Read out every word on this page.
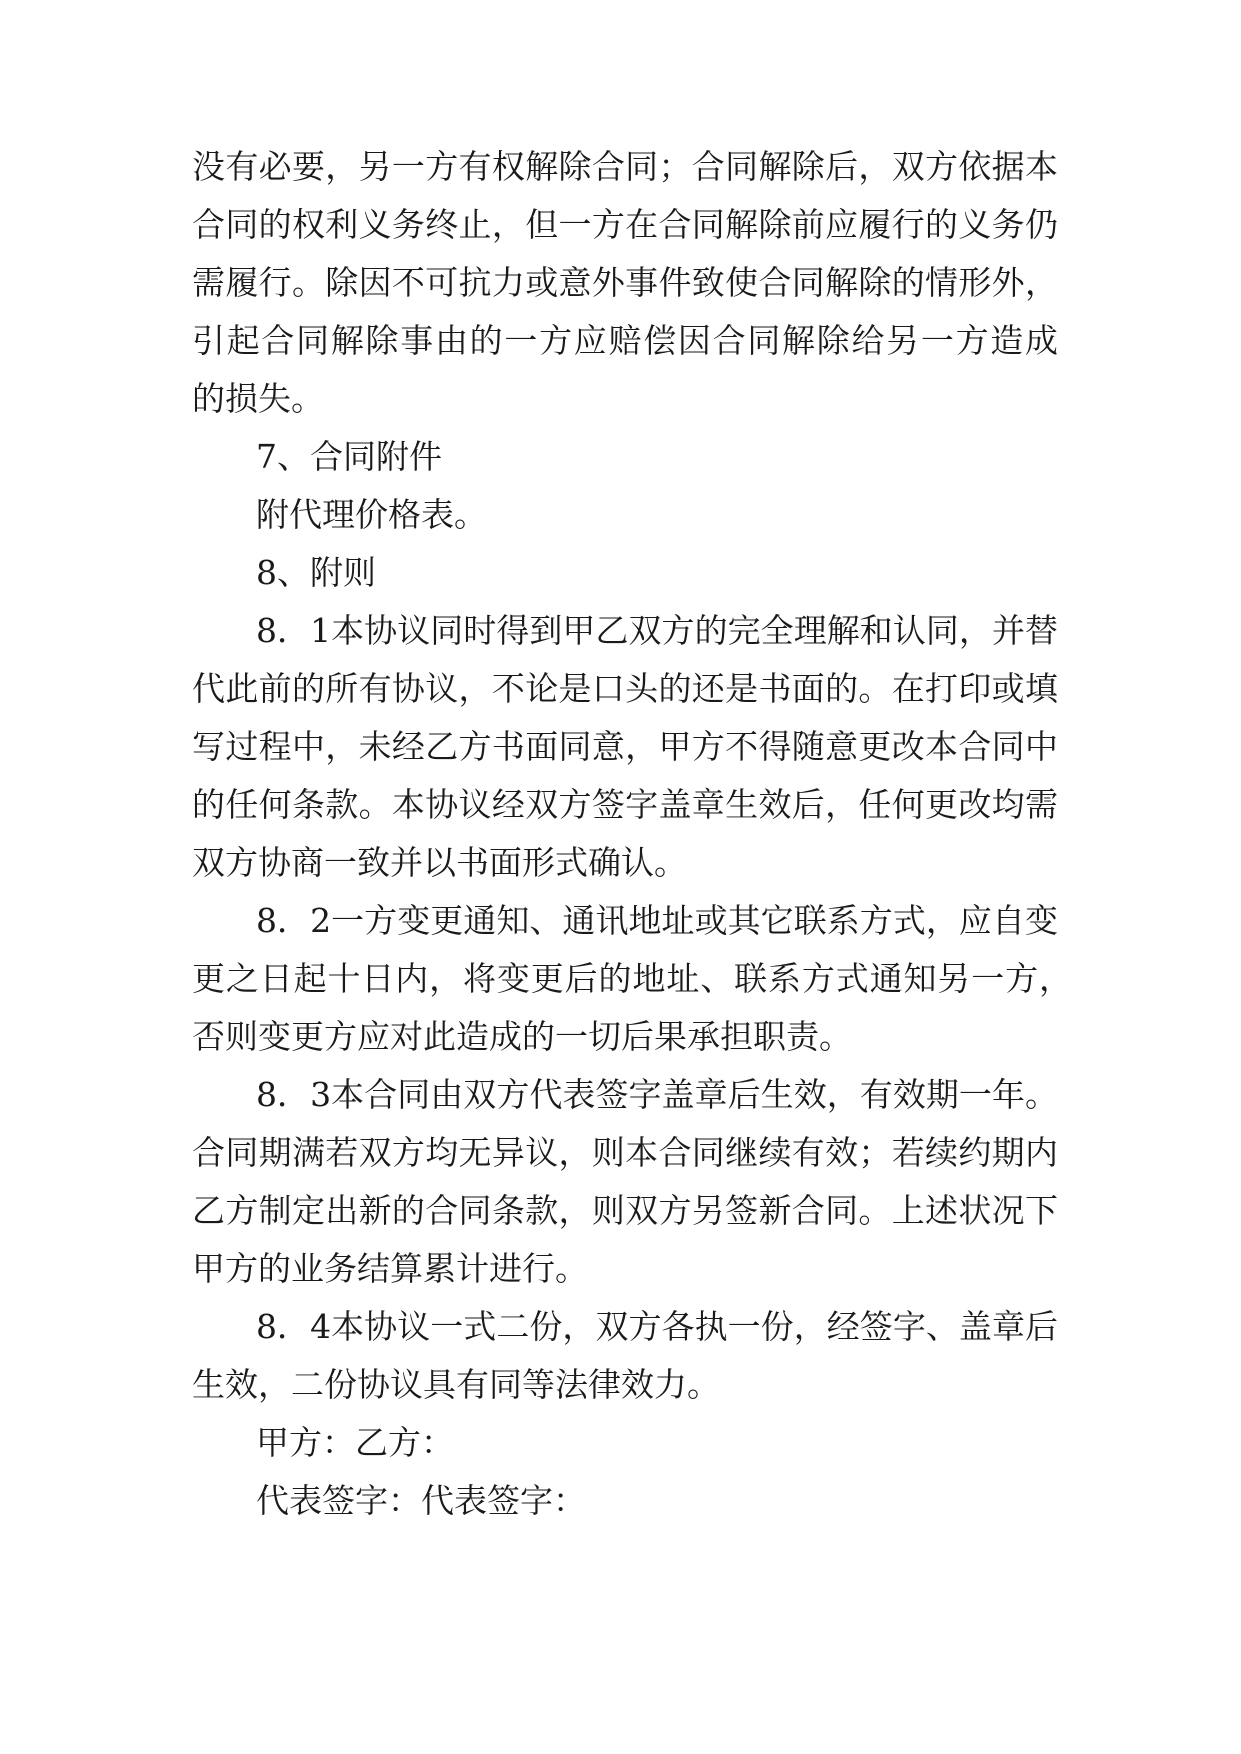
没有必要，另一方有权解除合同；合同解除后，双方依据本
合同的权利义务终止，但一方在合同解除前应履行的义务仍
需履行。除因不可抗力或意外事件致使合同解除的情形外，
引起合同解除事由的一方应赔偿因合同解除给另一方造成
的损失。
7、合同附件
附代理价格表。
8、附则
8．1本协议同时得到甲乙双方的完全理解和认同，并替
代此前的所有协议，不论是口头的还是书面的。在打印或填
写过程中，未经乙方书面同意，甲方不得随意更改本合同中
的任何条款。本协议经双方签字盖章生效后，任何更改均需
双方协商一致并以书面形式确认。
8．2一方变更通知、通讯地址或其它联系方式，应自变
更之日起十日内，将变更后的地址、联系方式通知另一方，
否则变更方应对此造成的一切后果承担职责。
8．3本合同由双方代表签字盖章后生效，有效期一年。
合同期满若双方均无异议，则本合同继续有效；若续约期内
乙方制定出新的合同条款，则双方另签新合同。上述状况下
甲方的业务结算累计进行。
8．4本协议一式二份，双方各执一份，经签字、盖章后
生效，二份协议具有同等法律效力。
甲方：乙方：
代表签字：代表签字：
